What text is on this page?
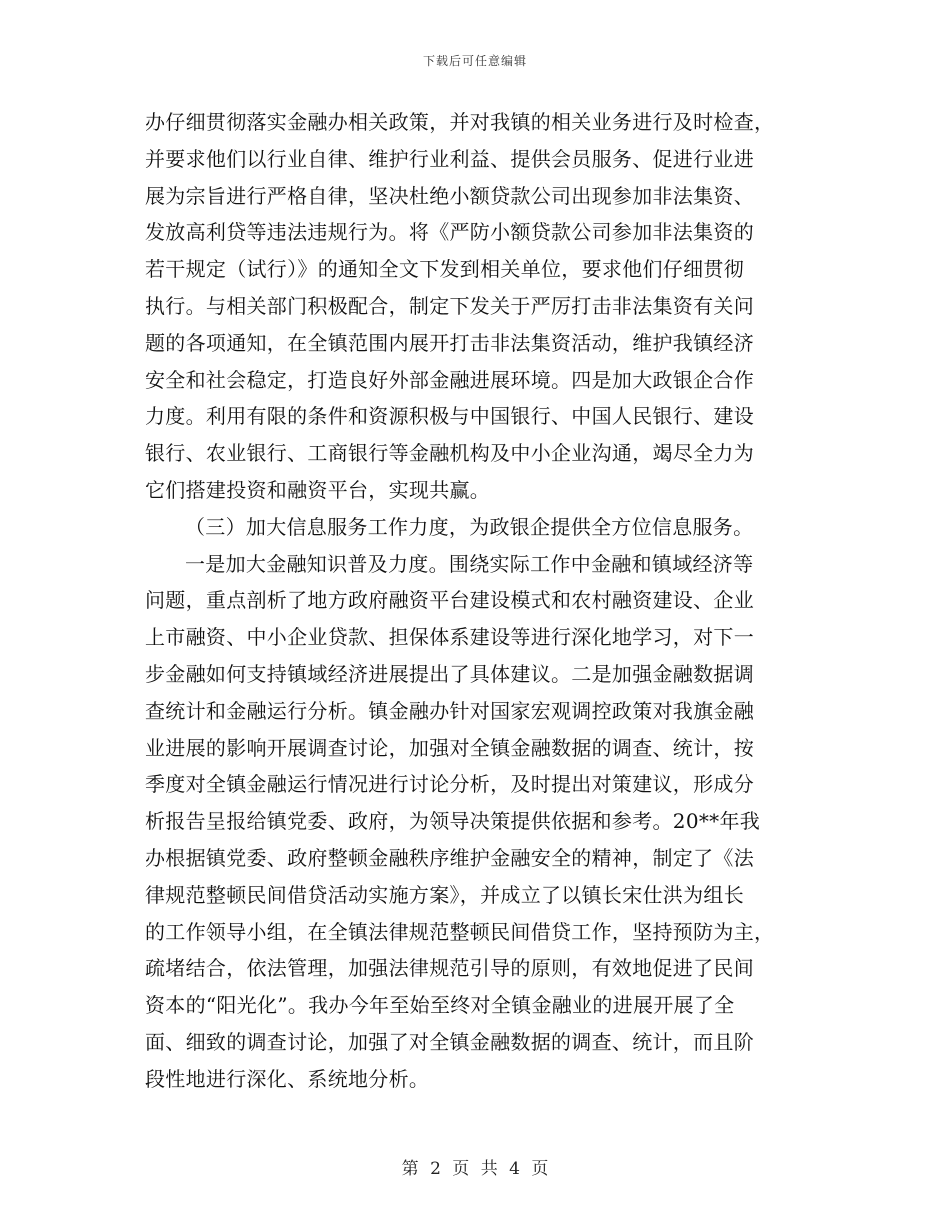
下载后可任意编辑
办仔细贯彻落实金融办相关政策，并对我镇的相关业务进行及时检查，
并要求他们以行业自律、维护行业利益、提供会员服务、促进行业进
展为宗旨进行严格自律，坚决杜绝小额贷款公司出现参加非法集资、
发放高利贷等违法违规行为。将《严防小额贷款公司参加非法集资的
若干规定（试行）》的通知全文下发到相关单位，要求他们仔细贯彻
执行。与相关部门积极配合，制定下发关于严厉打击非法集资有关问
题的各项通知，在全镇范围内展开打击非法集资活动，维护我镇经济
安全和社会稳定，打造良好外部金融进展环境。四是加大政银企合作
力度。利用有限的条件和资源积极与中国银行、中国人民银行、建设
银行、农业银行、工商银行等金融机构及中小企业沟通，竭尽全力为
它们搭建投资和融资平台，实现共赢。
（三）加大信息服务工作力度，为政银企提供全方位信息服务。
一是加大金融知识普及力度。围绕实际工作中金融和镇域经济等
问题，重点剖析了地方政府融资平台建设模式和农村融资建设、企业
上市融资、中小企业贷款、担保体系建设等进行深化地学习，对下一
步金融如何支持镇域经济进展提出了具体建议。二是加强金融数据调
查统计和金融运行分析。镇金融办针对国家宏观调控政策对我旗金融
业进展的影响开展调查讨论，加强对全镇金融数据的调查、统计，按
季度对全镇金融运行情况进行讨论分析，及时提出对策建议，形成分
析报告呈报给镇党委、政府，为领导决策提供依据和参考。20**年我
办根据镇党委、政府整顿金融秩序维护金融安全的精神，制定了《法
律规范整顿民间借贷活动实施方案》，并成立了以镇长宋仕洪为组长
的工作领导小组，在全镇法律规范整顿民间借贷工作，坚持预防为主，
疏堵结合，依法管理，加强法律规范引导的原则，有效地促进了民间
资本的“阳光化”。我办今年至始至终对全镇金融业的进展开展了全
面、细致的调查讨论，加强了对全镇金融数据的调查、统计，而且阶
段性地进行深化、系统地分析。
第 2 页 共 4 页
